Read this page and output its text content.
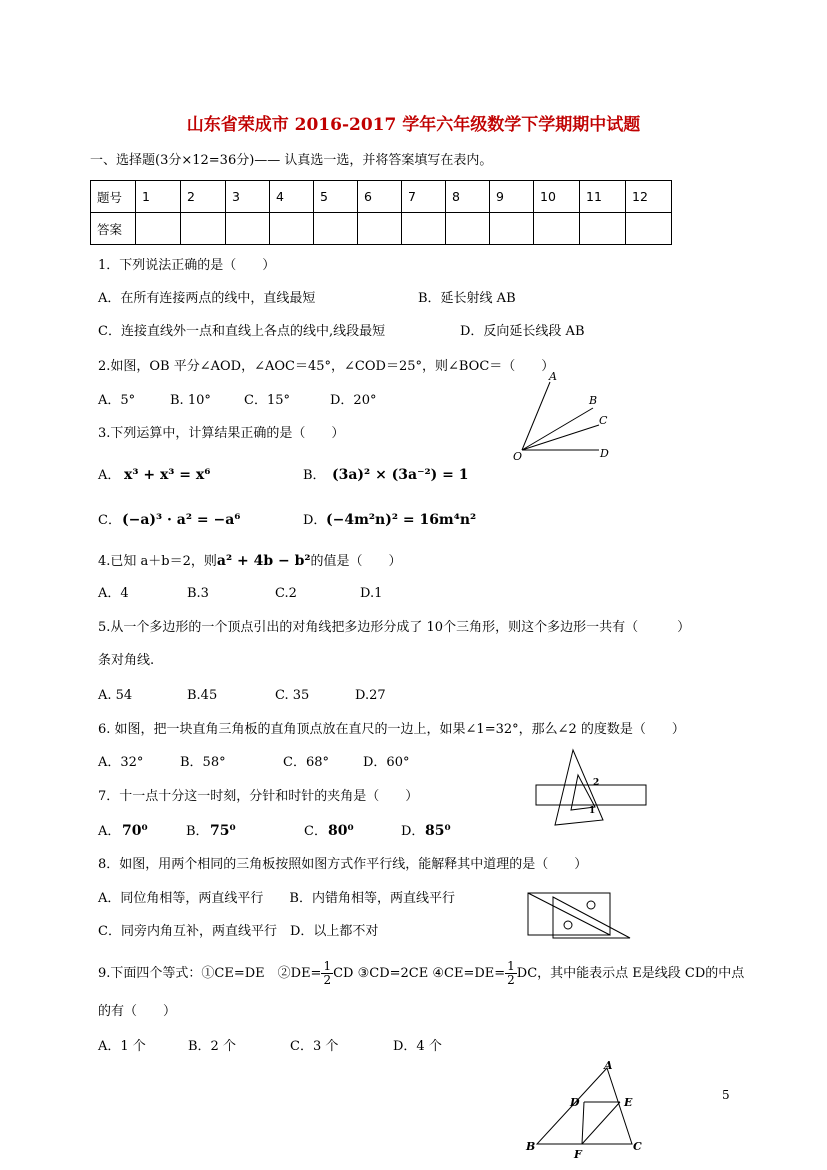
山东省荣成市 2016-2017 学年六年级数学下学期期中试题
一、选择题(3分×12=36分)—— 认真选一选，并将答案填写在表内。
题号	1	2	3	4	5	6	7	8	9	10	11	12
答案												
1．下列说法正确的是（　　）
A．在所有连接两点的线中，直线最短	B．延长射线 AB
C．连接直线外一点和直线上各点的线中,线段最短	D．反向延长线段 AB
2.如图，OB 平分∠AOD，∠AOC＝45°，∠COD＝25°，则∠BOC＝（　　）
A．5°	B. 10°	C．15°	D．20°
A
B
C
O	D
3.下列运算中，计算结果正确的是（　　）
A． x³ + x³ = x⁶	B． (3a)² × (3a⁻²) = 1
C． (−a)³ · a² = −a⁶	D． (−4m²n)² = 16m⁴n²
4.已知 a＋b＝2，则a² + 4b − b²的值是（　　）
A．4	B.3	C.2	D.1
5.从一个多边形的一个顶点引出的对角线把多边形分成了 10个三角形，则这个多边形一共有（　　　）
条对角线.
A. 54	B.45	C. 35	D.27
6. 如图，把一块直角三角板的直角顶点放在直尺的一边上，如果∠1=32°，那么∠2 的度数是（　　）
A．32°	B．58°	C．68°	D．60°
2
1
7．十一点十分这一时刻，分针和时针的夹角是（　　）
A． 70⁰	B． 75⁰	C． 80⁰	D． 85⁰
8．如图，用两个相同的三角板按照如图方式作平行线，能解释其中道理的是（　　）
A．同位角相等，两直线平行　　B．内错角相等，两直线平行
C．同旁内角互补，两直线平行　D．以上都不对
9.下面四个等式：①CE=DE　②DE= $\frac{1}{2}$ CD ③CD=2CE ④CE=DE= $\frac{1}{2}$ DC，其中能表示点 E是线段 CD的中点
的有（　　）
A．1 个	B．2 个	C．3 个	D．4 个
A
D	E
B
F
C
5
